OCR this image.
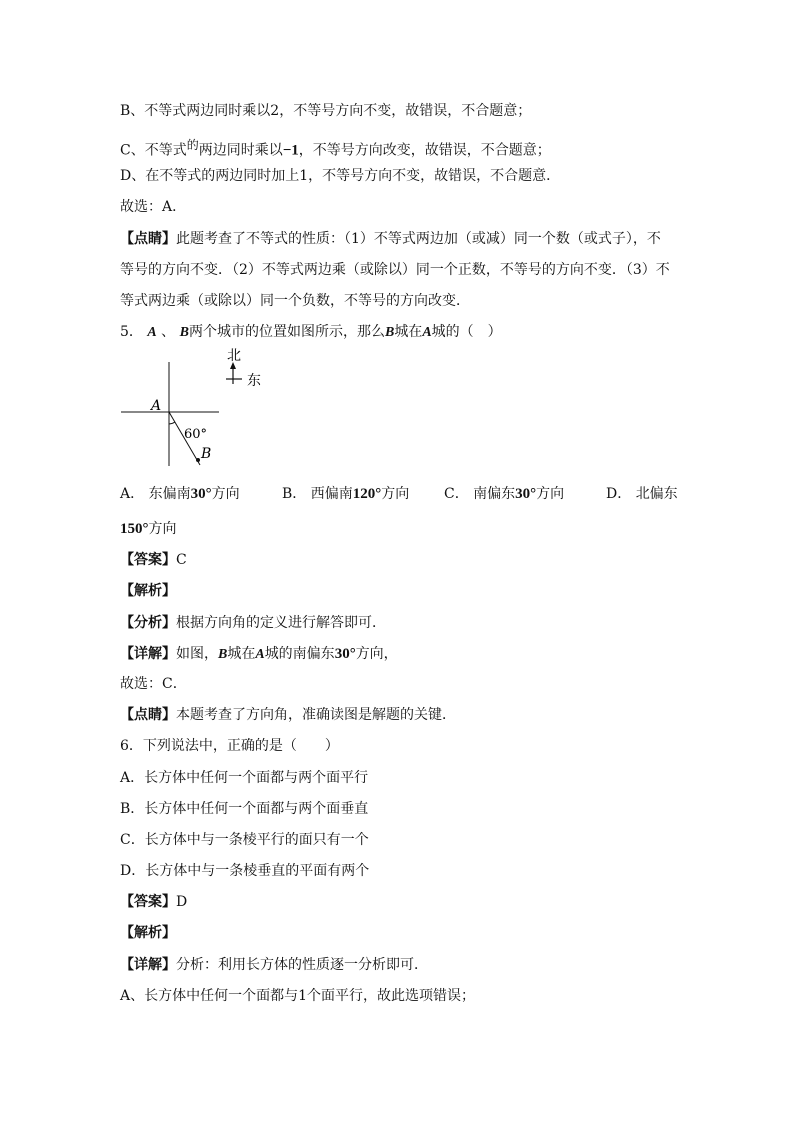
B、不等式两边同时乘以2，不等号方向不变，故错误，不合题意；
C、不等式$^的$两边同时乘以−1，不等号方向改变，故错误，不合题意；
D、在不等式的两边同时加上1，不等号方向不变，故错误，不合题意．
故选：A．
【点睛】此题考查了不等式的性质：（1）不等式两边加（或减）同一个数（或式子），不
等号的方向不变．（2）不等式两边乘（或除以）同一个正数，不等号的方向不变．（3）不
等式两边乘（或除以）同一个负数，不等号的方向改变．
5． A 、 B两个城市的位置如图所示，那么B城在A城的（　）
北
东
A
60°
B
A． 东偏南30°方向	B． 西偏南120°方向 C． 南偏东30°方向	D． 北偏东
150°方向
【答案】C
【解析】
【分析】根据方向角的定义进行解答即可．
【详解】如图，B城在A城的南偏东30°方向，
故选：C．
【点睛】本题考查了方向角，准确读图是解题的关键．
6．下列说法中，正确的是（　　）
A．长方体中任何一个面都与两个面平行
B．长方体中任何一个面都与两个面垂直
C．长方体中与一条棱平行的面只有一个
D．长方体中与一条棱垂直的平面有两个
【答案】D
【解析】
【详解】分析：利用长方体的性质逐一分析即可．
A、长方体中任何一个面都与1个面平行，故此选项错误；
